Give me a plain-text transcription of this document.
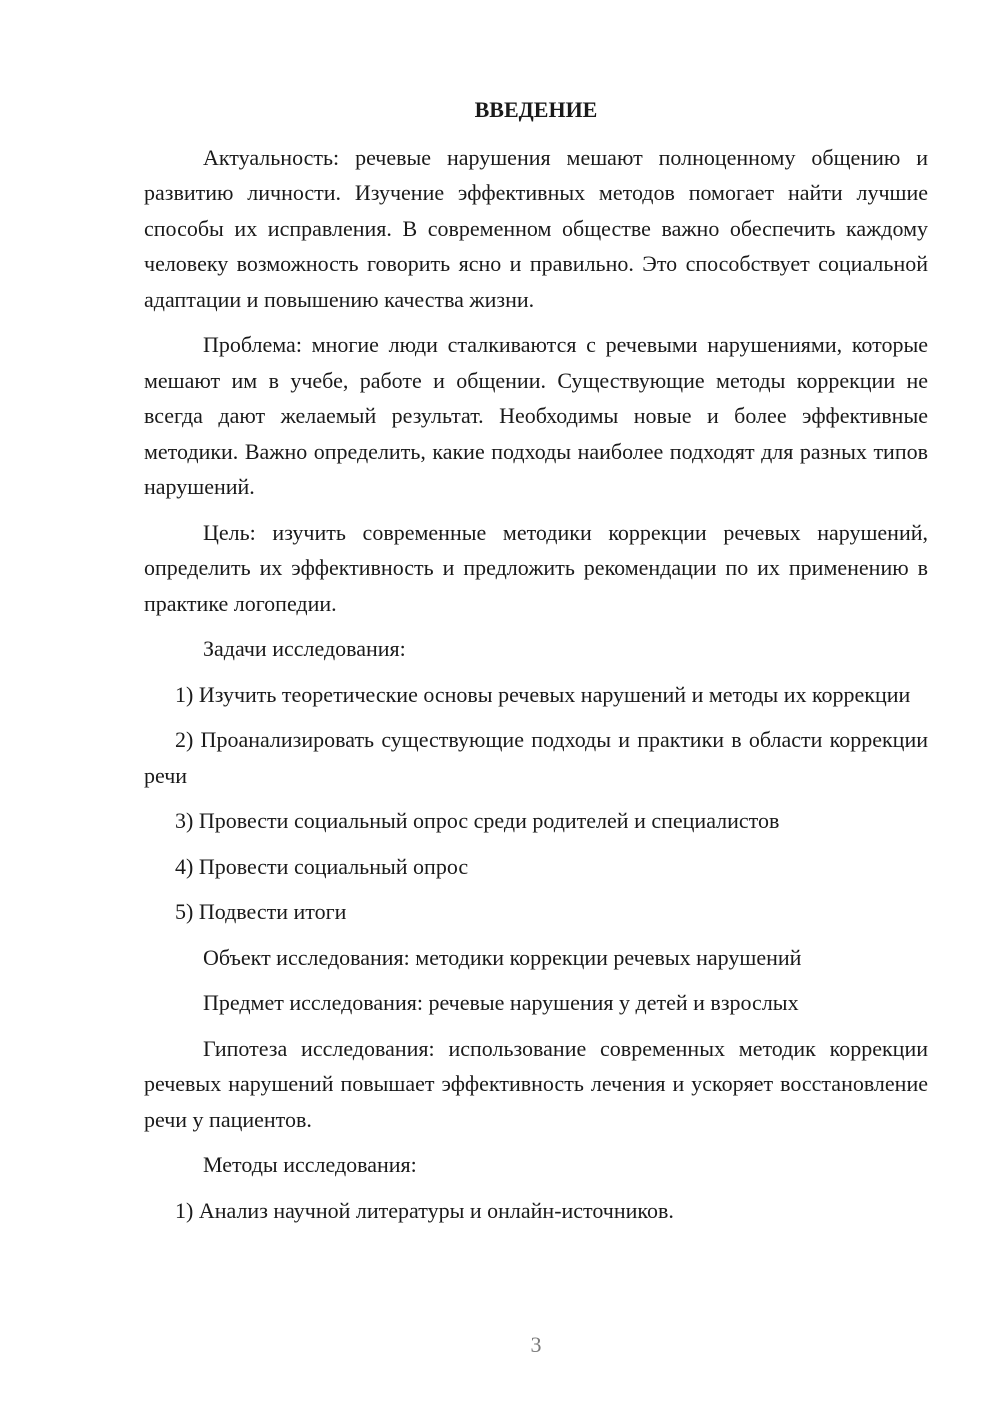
ВВЕДЕНИЕ

Актуальность: речевые нарушения мешают полноценному общению и развитию личности. Изучение эффективных методов помогает найти лучшие способы их исправления. В современном обществе важно обеспечить каждому человеку возможность говорить ясно и правильно. Это способствует социальной адаптации и повышению качества жизни.

Проблема: многие люди сталкиваются с речевыми нарушениями, которые мешают им в учебе, работе и общении. Существующие методы коррекции не всегда дают желаемый результат. Необходимы новые и более эффективные методики. Важно определить, какие подходы наиболее подходят для разных типов нарушений.

Цель: изучить современные методики коррекции речевых нарушений, определить их эффективность и предложить рекомендации по их применению в практике логопедии.

Задачи исследования:

1) Изучить теоретические основы речевых нарушений и методы их коррекции

2) Проанализировать существующие подходы и практики в области коррекции речи

3) Провести социальный опрос среди родителей и специалистов

4) Провести социальный опрос

5) Подвести итоги

Объект исследования: методики коррекции речевых нарушений

Предмет исследования: речевые нарушения у детей и взрослых

Гипотеза исследования: использование современных методик коррекции речевых нарушений повышает эффективность лечения и ускоряет восстановление речи у пациентов.

Методы исследования:

1) Анализ научной литературы и онлайн-источников.

3
